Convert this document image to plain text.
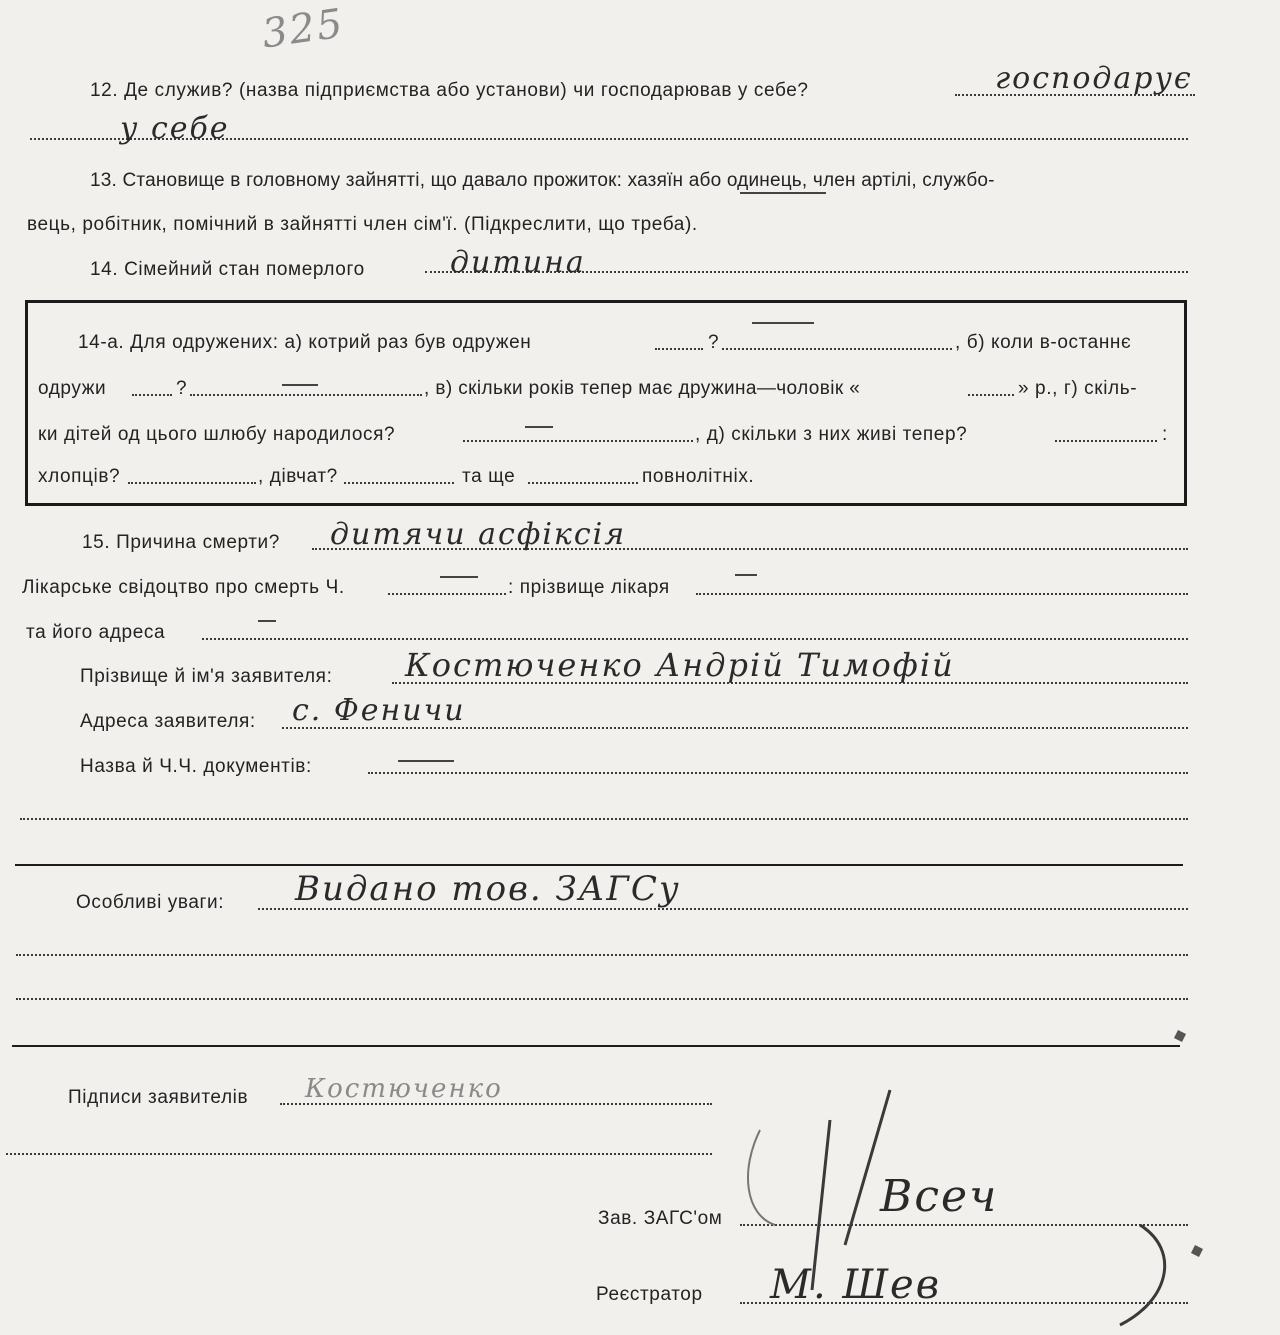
325
12. Де служив? (назва підприємства або установи) чи господарював у себе?	господарує
у себе
13. Становище в головному зайнятті, що давало прожиток: хазяїн або одинець, член артілі, службо-
вець, робітник, помічний в зайнятті член сім'ї. (Підкреслити, що треба).
14. Сімейний стан померлого	дитина
14-а. Для одружених: а) котрий раз був одружен	?	, б) коли в-останнє
одружи	?	, в) скільки років тепер має дружина—чоловік «	» р., г) скіль-
ки дітей од цього шлюбу народилося?	, д) скільки з них живі тепер?	:
хлопців?	, дівчат?	та ще	повнолітніх.
15. Причина смерти? дитячи асфіксія
Лікарське свідоцтво про смерть Ч.	: прізвище лікаря
та його адреса
Прізвище й ім'я заявителя: Костюченко Андрій Тимофій
Адреса заявителя: с. Феничи
Назва й Ч.Ч. документів:
Особливі уваги: Видано тов. ЗАГСу
Підписи заявителів Костюченко
Зав. ЗАГС'ом	Всеч
Реєстратор М. Шев
